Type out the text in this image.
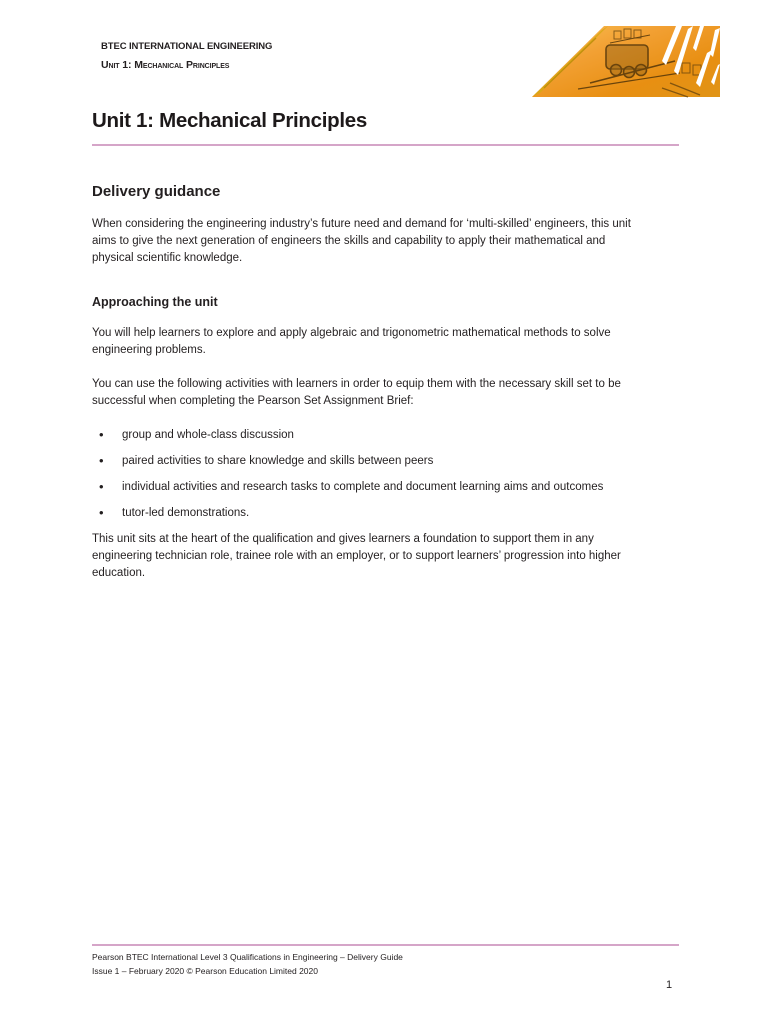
BTEC INTERNATIONAL ENGINEERING
Unit 1: Mechanical Principles
Unit 1: Mechanical Principles
Delivery guidance

When considering the engineering industry’s future need and demand for ‘multi-skilled’ engineers, this unit aims to give the next generation of engineers the skills and capability to apply their mathematical and physical scientific knowledge.

Approaching the unit

You will help learners to explore and apply algebraic and trigonometric mathematical methods to solve engineering problems.

You can use the following activities with learners in order to equip them with the necessary skill set to be successful when completing the Pearson Set Assignment Brief:

• group and whole-class discussion
• paired activities to share knowledge and skills between peers
• individual activities and research tasks to complete and document learning aims and outcomes
• tutor-led demonstrations.

This unit sits at the heart of the qualification and gives learners a foundation to support them in any engineering technician role, trainee role with an employer, or to support learners’ progression into higher education.

Pearson BTEC International Level 3 Qualifications in Engineering – Delivery Guide
Issue 1 – February 2020 © Pearson Education Limited 2020
1
